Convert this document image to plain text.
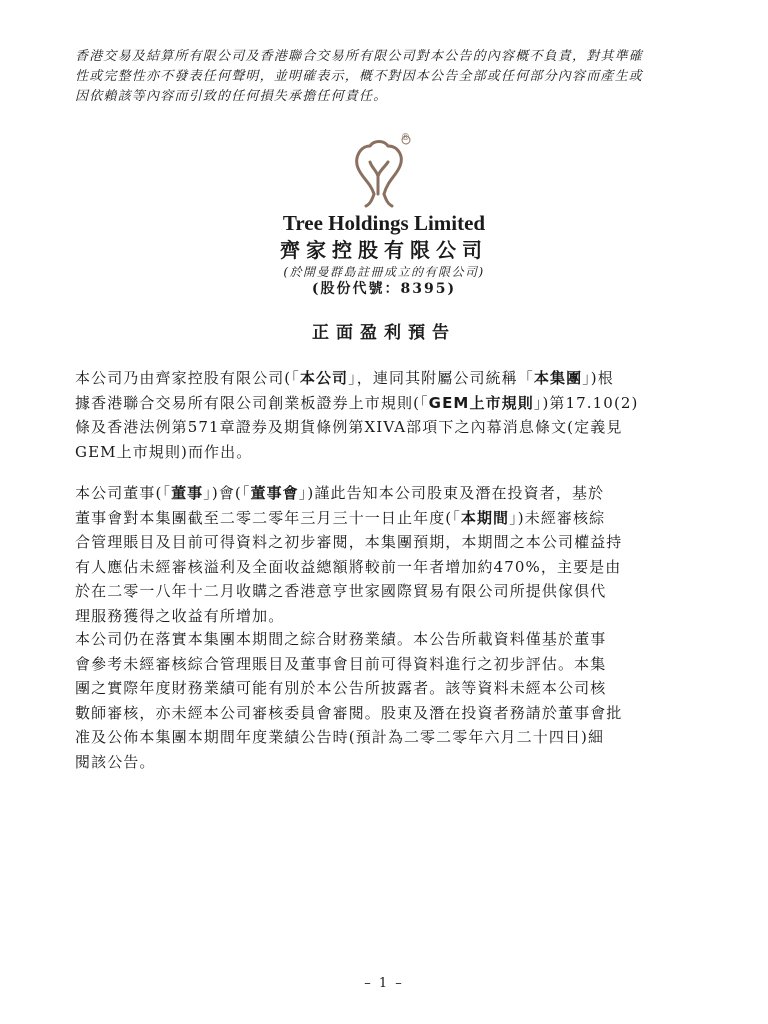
香港交易及結算所有限公司及香港聯合交易所有限公司對本公告的內容概不負責，對其準確

性或完整性亦不發表任何聲明，並明確表示，概不對因本公告全部或任何部分內容而產生或

因依賴該等內容而引致的任何損失承擔任何責任。

®
Tree Holdings Limited
齊家控股有限公司
(於開曼群島註冊成立的有限公司)
(股份代號：8395)
正面盈利預告
本公司乃由齊家控股有限公司(「本公司」，連同其附屬公司統稱「本集團」)根
據香港聯合交易所有限公司創業板證券上市規則(「GEM上市規則」)第17.10(2)
條及香港法例第571章證券及期貨條例第XIVA部項下之內幕消息條文(定義見
GEM上市規則)而作出。
本公司董事(「董事」)會(「董事會」)謹此告知本公司股東及潛在投資者，基於
董事會對本集團截至二零二零年三月三十一日止年度(「本期間」)未經審核綜
合管理賬目及目前可得資料之初步審閱，本集團預期，本期間之本公司權益持
有人應佔未經審核溢利及全面收益總額將較前一年者增加約470%，主要是由
於在二零一八年十二月收購之香港意亨世家國際貿易有限公司所提供傢俱代
理服務獲得之收益有所增加。
本公司仍在落實本集團本期間之綜合財務業績。本公告所載資料僅基於董事
會參考未經審核綜合管理賬目及董事會目前可得資料進行之初步評估。本集
團之實際年度財務業績可能有別於本公告所披露者。該等資料未經本公司核
數師審核，亦未經本公司審核委員會審閱。股東及潛在投資者務請於董事會批
准及公佈本集團本期間年度業績公告時(預計為二零二零年六月二十四日)細
閱該公告。
– 1 –
